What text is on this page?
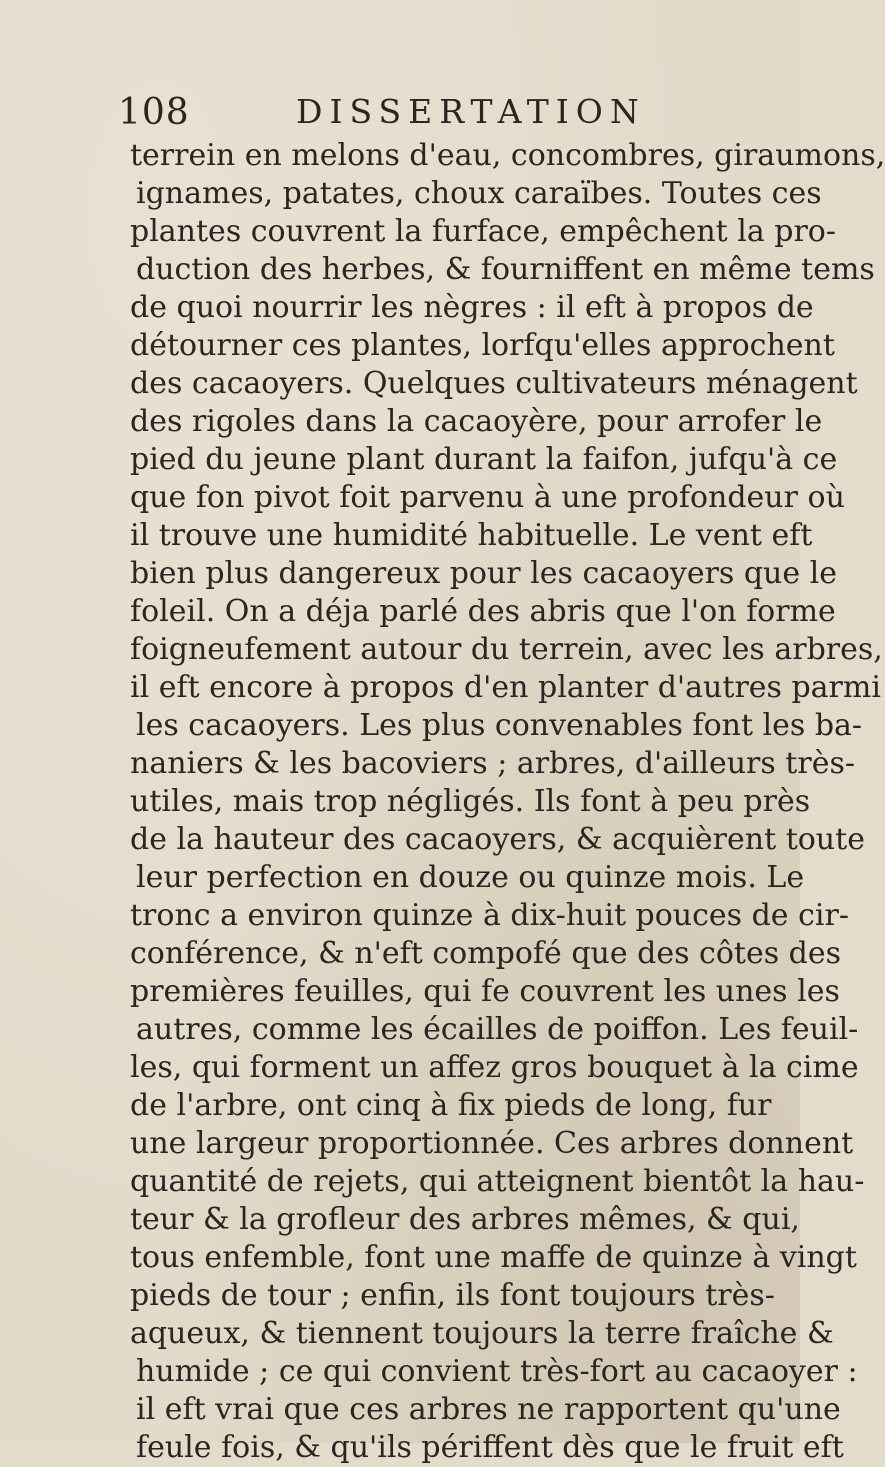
108	DISSERTATION
terrein en melons d'eau, concombres, giraumons,
ignames, patates, choux caraïbes. Toutes ces
plantes couvrent la furface, empêchent la pro-
duction des herbes, & fourniffent en même tems
de quoi nourrir les nègres : il eft à propos de
détourner ces plantes, lorfqu'elles approchent
des cacaoyers. Quelques cultivateurs ménagent
des rigoles dans la cacaoyère, pour arrofer le
pied du jeune plant durant la faifon, jufqu'à ce
que fon pivot foit parvenu à une profondeur où
il trouve une humidité habituelle. Le vent eft
bien plus dangereux pour les cacaoyers que le
foleil. On a déja parlé des abris que l'on forme
foigneufement autour du terrein, avec les arbres,
il eft encore à propos d'en planter d'autres parmi
les cacaoyers. Les plus convenables font les ba-
naniers & les bacoviers ; arbres, d'ailleurs très-
utiles, mais trop négligés. Ils font à peu près
de la hauteur des cacaoyers, & acquièrent toute
leur perfection en douze ou quinze mois. Le
tronc a environ quinze à dix-huit pouces de cir-
conférence, & n'eft compofé que des côtes des
premières feuilles, qui fe couvrent les unes les
autres, comme les écailles de poiffon. Les feuil-
les, qui forment un affez gros bouquet à la cime
de l'arbre, ont cinq à fix pieds de long, fur
une largeur proportionnée. Ces arbres donnent
quantité de rejets, qui atteignent bientôt la hau-
teur & la grofleur des arbres mêmes, & qui,
tous enfemble, font une maffe de quinze à vingt
pieds de tour ; enfin, ils font toujours très-
aqueux, & tiennent toujours la terre fraîche &
humide ; ce qui convient très-fort au cacaoyer :
il eft vrai que ces arbres ne rapportent qu'une
feule fois, & qu'ils périffent dès que le fruit eft
